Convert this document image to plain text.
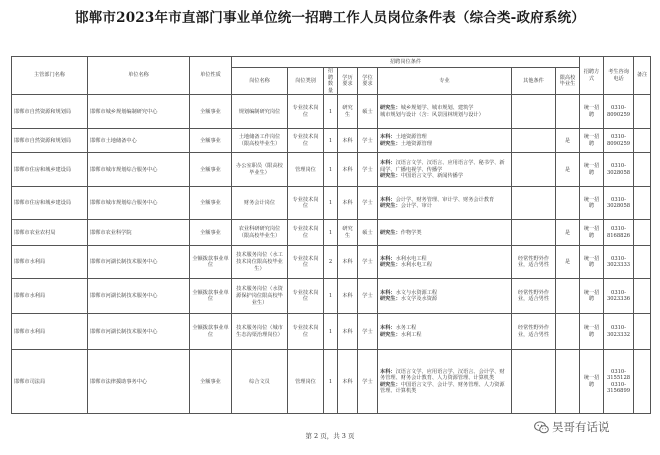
邯郸市2023年市直部门事业单位统一招聘工作人员岗位条件表（综合类-政府系统）
主管部门名称	单位名称	单位性质	招聘岗位条件								招聘方式	考生咨询电话	备注
			岗位名称	岗位类别	招聘数量	学历要求	学位要求	专业	其他条件	限高校毕业生			
邯郸市自然资源和规划局	邯郸市城乡规划编制研究中心	全额事业	规划编制研究岗位	专业技术岗位	1	研究生	硕士	研究生：城乡规划学、城市规划、建筑学
城市规划与设计（含：风景园林规划与设计）			统一招聘	0310-8090259	
邯郸市自然资源和规划局	邯郸市土地储备中心	全额事业	土地储备工作岗位（限高校毕业生）	专业技术岗位	1	本科	学士	本科：土地资源管理
研究生：土地资源管理		是	统一招聘	0310-8090259	
邯郸市住房和城乡建设局	邯郸市城市规划综合服务中心	全额事业	办公室职员（限高校毕业生）	管理岗位	1	本科	学士	本科：汉语言文学、汉语言、应用语言学、秘书学、新闻学、广播电视学、传播学
研究生：中国语言文学、新闻传播学		是	统一招聘	0310-3028058	
邯郸市住房和城乡建设局	邯郸市城市规划综合服务中心	全额事业	财务会计岗位	专业技术岗位	1	本科	学士	本科：会计学、财务管理、审计学、财务会计教育
研究生：会计学、审计			统一招聘	0310-3028058	
邯郸市农业农村局	邯郸市农业科学院	全额事业	农业科研研究岗位（限高校毕业生）	专业技术岗位	1	研究生	硕士	研究生：作物学类		是	统一招聘	0310-8168826	
邯郸市水利局	邯郸市河湖长制技术服务中心	全额拨款事业单位	技术服务岗位（水工技术岗位限高校毕业生）	专业技术岗位	2	本科	学士	本科：水利水电工程
研究生：水利水电工程	经常性野外作业，适合男性	是	统一招聘	0310-3023333	
邯郸市水利局	邯郸市河湖长制技术服务中心	全额拨款事业单位	技术服务岗位（水资源保护岗位限高校毕业生）	专业技术岗位	1	本科	学士	本科：水文与水资源工程
研究生：水文学及水资源	经常性野外作业，适合男性		统一招聘	0310-3023336	
邯郸市水利局	邯郸市河湖长制技术服务中心	全额拨款事业单位	技术服务岗位（城市生态沟渠治理岗位）	专业技术岗位	1	本科	学士	本科：水务工程
研究生：水利工程	经常性野外作业，适合男性		统一招聘	0310-3023332	
邯郸市司法局	邯郸市法律援助事务中心	全额事业	综合文员	管理岗位	1	本科	学士	本科：汉语言文学、应用语言学、汉语言、会计学、财务管理、财务会计教育、人力资源管理、计算机类
研究生：中国语言文学、会计学、财务管理、人力资源管理、计算机类			统一招聘	0310-3155128 0310-3156899	
第 2 页，共 3 页
昊哥有话说
